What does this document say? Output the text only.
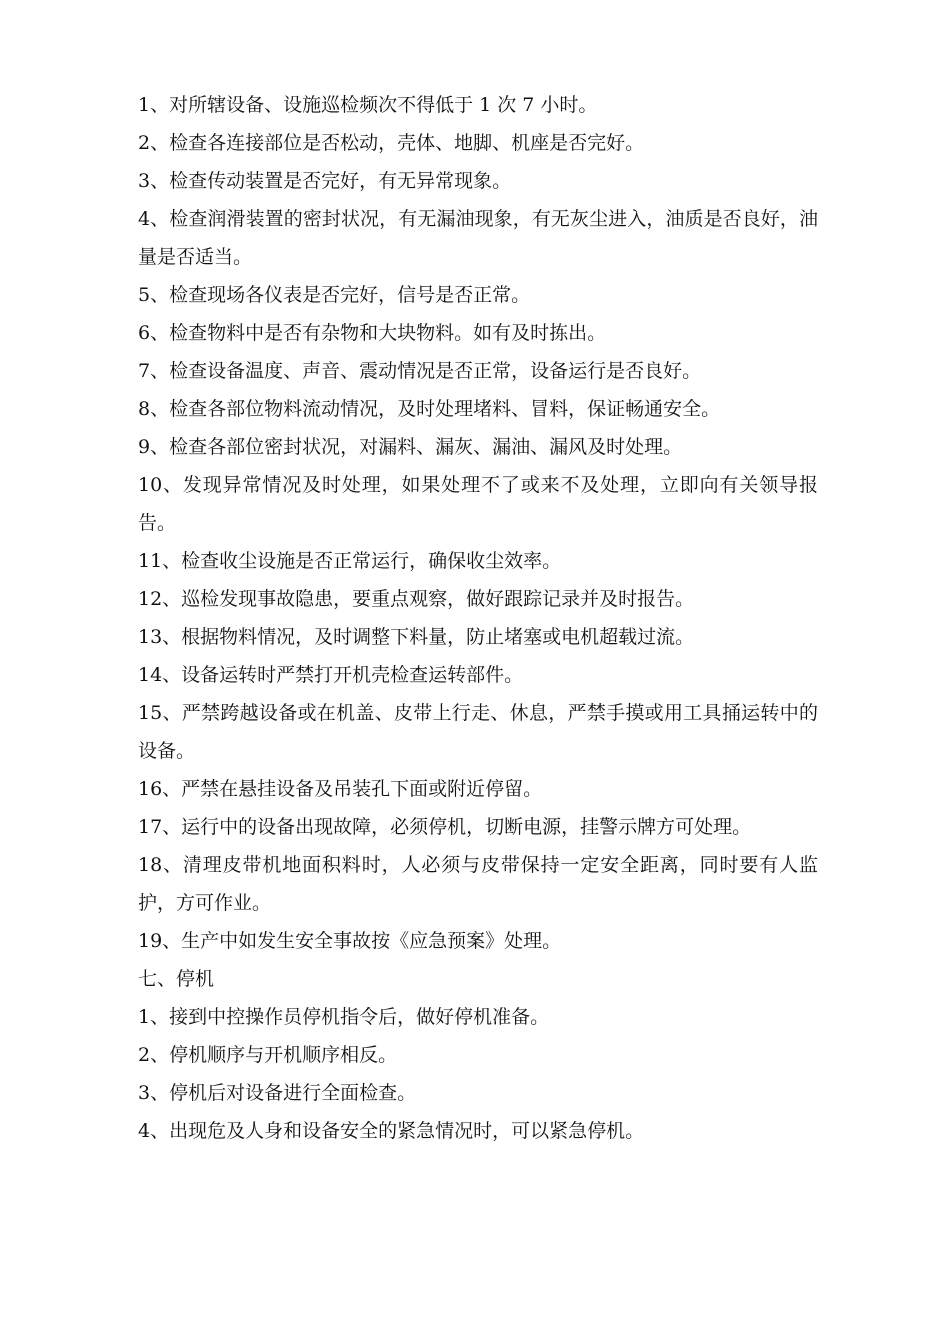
1、对所辖设备、设施巡检频次不得低于 1 次 7 小时。

2、检查各连接部位是否松动，壳体、地脚、机座是否完好。

3、检查传动装置是否完好，有无异常现象。

4、检查润滑装置的密封状况，有无漏油现象，有无灰尘进入，油质是否良好，油量是否适当。

5、检查现场各仪表是否完好，信号是否正常。

6、检查物料中是否有杂物和大块物料。如有及时拣出。

7、检查设备温度、声音、震动情况是否正常，设备运行是否良好。

8、检查各部位物料流动情况，及时处理堵料、冒料，保证畅通安全。

9、检查各部位密封状况，对漏料、漏灰、漏油、漏风及时处理。

10、发现异常情况及时处理，如果处理不了或来不及处理，立即向有关领导报告。

11、检查收尘设施是否正常运行，确保收尘效率。

12、巡检发现事故隐患，要重点观察，做好跟踪记录并及时报告。

13、根据物料情况，及时调整下料量，防止堵塞或电机超载过流。

14、设备运转时严禁打开机壳检查运转部件。

15、严禁跨越设备或在机盖、皮带上行走、休息，严禁手摸或用工具捅运转中的 设备。

16、严禁在悬挂设备及吊装孔下面或附近停留。

17、运行中的设备出现故障，必须停机，切断电源，挂警示牌方可处理。

18、清理皮带机地面积料时，人必须与皮带保持一定安全距离，同时要有人监护，方可作业。

19、生产中如发生安全事故按《应急预案》处理。

七、停机

1、接到中控操作员停机指令后，做好停机准备。

2、停机顺序与开机顺序相反。

3、停机后对设备进行全面检查。

4、出现危及人身和设备安全的紧急情况时，可以紧急停机。
